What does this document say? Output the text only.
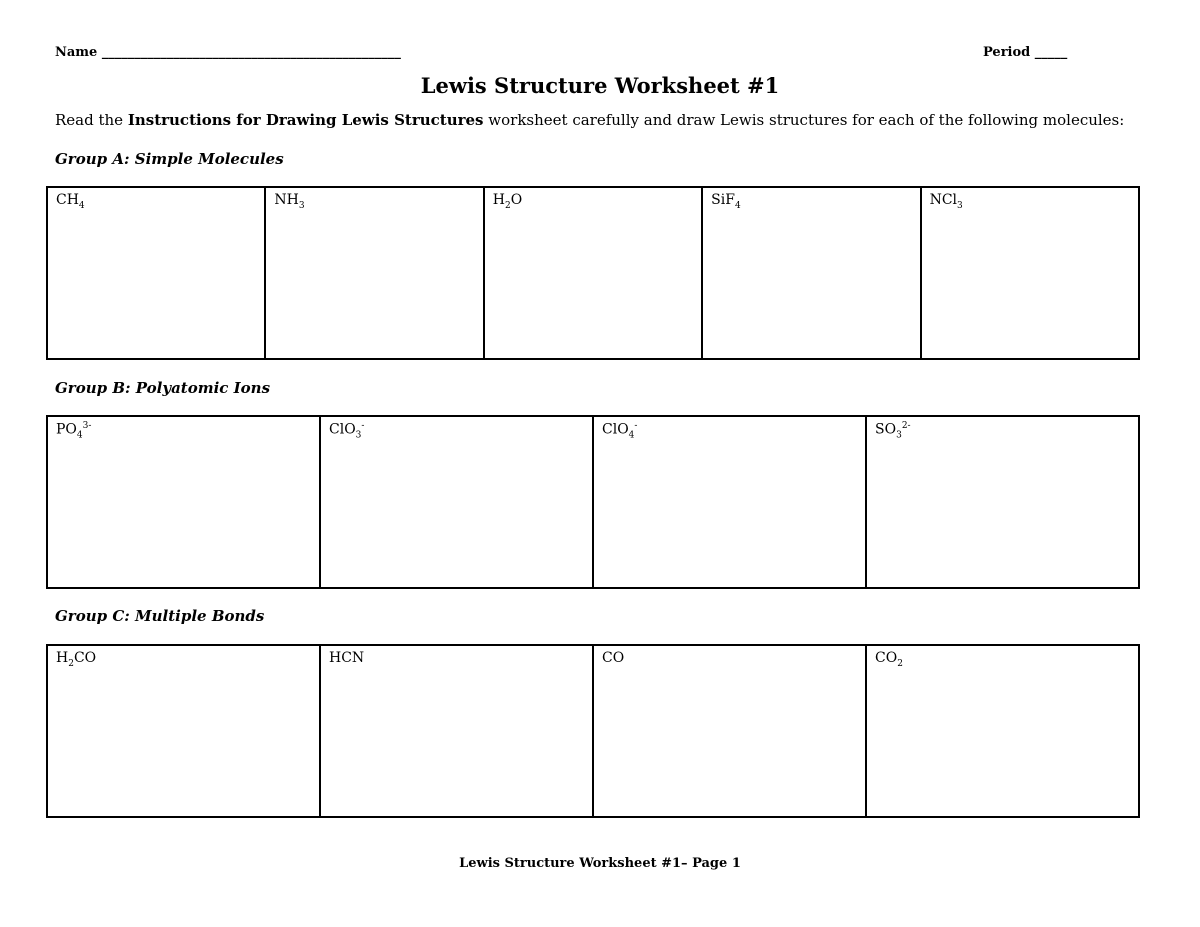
Name ______________________________________________	Period _____
Lewis Structure Worksheet #1
Read the Instructions for Drawing Lewis Structures worksheet carefully and draw Lewis structures for each of the following molecules:
Group A: Simple Molecules
$CH_4$	$NH_3$	$H_2O$	SiF$_4$	NCl$_3$
Group B: Polyatomic Ions
$PO_4^{3-}$	ClO$_3$-	ClO$_4$-	$SO_3^{2-}$
Group C: Multiple Bonds
$H_2CO$	HCN	CO	$CO_2$
Lewis Structure Worksheet #1– Page 1
